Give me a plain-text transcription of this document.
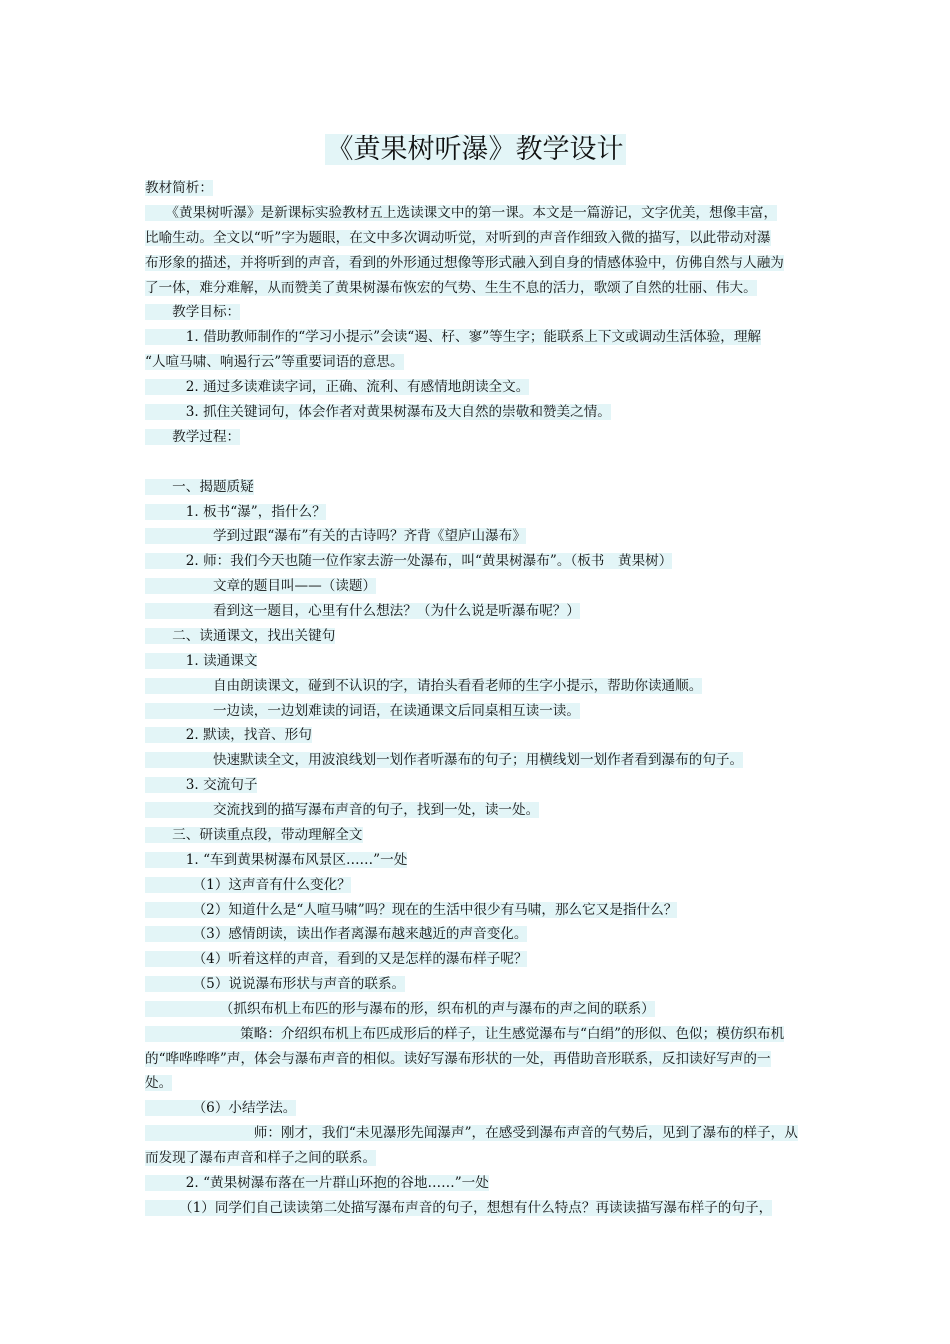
《黄果树听瀑》教学设计
教材简析：
　　《黄果树听瀑》是新课标实验教材五上选读课文中的第一课。本文是一篇游记，文字优美，想像丰富，
比喻生动。全文以“听”字为题眼，在文中多次调动听觉，对听到的声音作细致入微的描写，以此带动对瀑
布形象的描述，并将听到的声音，看到的外形通过想像等形式融入到自身的情感体验中，仿佛自然与人融为
了一体，难分难解，从而赞美了黄果树瀑布恢宏的气势、生生不息的活力，歌颂了自然的壮丽、伟大。
　　教学目标：
　　　1. 借助教师制作的“学习小提示”会读“遏、杍、寥”等生字；能联系上下文或调动生活体验，理解
“人喧马啸、响遏行云”等重要词语的意思。
　　　2. 通过多读难读字词，正确、流利、有感情地朗读全文。
　　　3. 抓住关键词句，体会作者对黄果树瀑布及大自然的崇敬和赞美之情。
　　教学过程：
　　一、揭题质疑
　　　1. 板书“瀑”，指什么？
　　　　　学到过跟“瀑布”有关的古诗吗？齐背《望庐山瀑布》
　　　2. 师：我们今天也随一位作家去游一处瀑布，叫“黄果树瀑布”。（板书　黄果树）
　　　　　文章的题目叫——（读题）
　　　　　看到这一题目，心里有什么想法？（为什么说是听瀑布呢？）
　　二、读通课文，找出关键句
　　　1. 读通课文
　　　　　自由朗读课文，碰到不认识的字，请抬头看看老师的生字小提示，帮助你读通顺。
　　　　　一边读，一边划难读的词语，在读通课文后同桌相互读一读。
　　　2. 默读，找音、形句
　　　　　快速默读全文，用波浪线划一划作者听瀑布的句子；用横线划一划作者看到瀑布的句子。
　　　3. 交流句子
　　　　　交流找到的描写瀑布声音的句子，找到一处，读一处。
　　三、研读重点段，带动理解全文
　　　1. “车到黄果树瀑布风景区……”一处
　　　　（1）这声音有什么变化？
　　　　（2）知道什么是“人喧马啸”吗？现在的生活中很少有马啸，那么它又是指什么？
　　　　（3）感情朗读，读出作者离瀑布越来越近的声音变化。
　　　　（4）听着这样的声音，看到的又是怎样的瀑布样子呢？
　　　　（5）说说瀑布形状与声音的联系。
　　　　　　（抓织布机上布匹的形与瀑布的形，织布机的声与瀑布的声之间的联系）
　　　　　　　策略：介绍织布机上布匹成形后的样子，让生感觉瀑布与“白绢”的形似、色似；模仿织布机
的“哗哗哗哗”声，体会与瀑布声音的相似。读好写瀑布形状的一处，再借助音形联系，反扣读好写声的一
处。
　　　　（6）小结学法。
　　　　　　　　师：刚才，我们“未见瀑形先闻瀑声”，在感受到瀑布声音的气势后，见到了瀑布的样子，从
而发现了瀑布声音和样子之间的联系。
　　　2. “黄果树瀑布落在一片群山环抱的谷地……”一处
　　　（1）同学们自己读读第二处描写瀑布声音的句子，想想有什么特点？再读读描写瀑布样子的句子，
